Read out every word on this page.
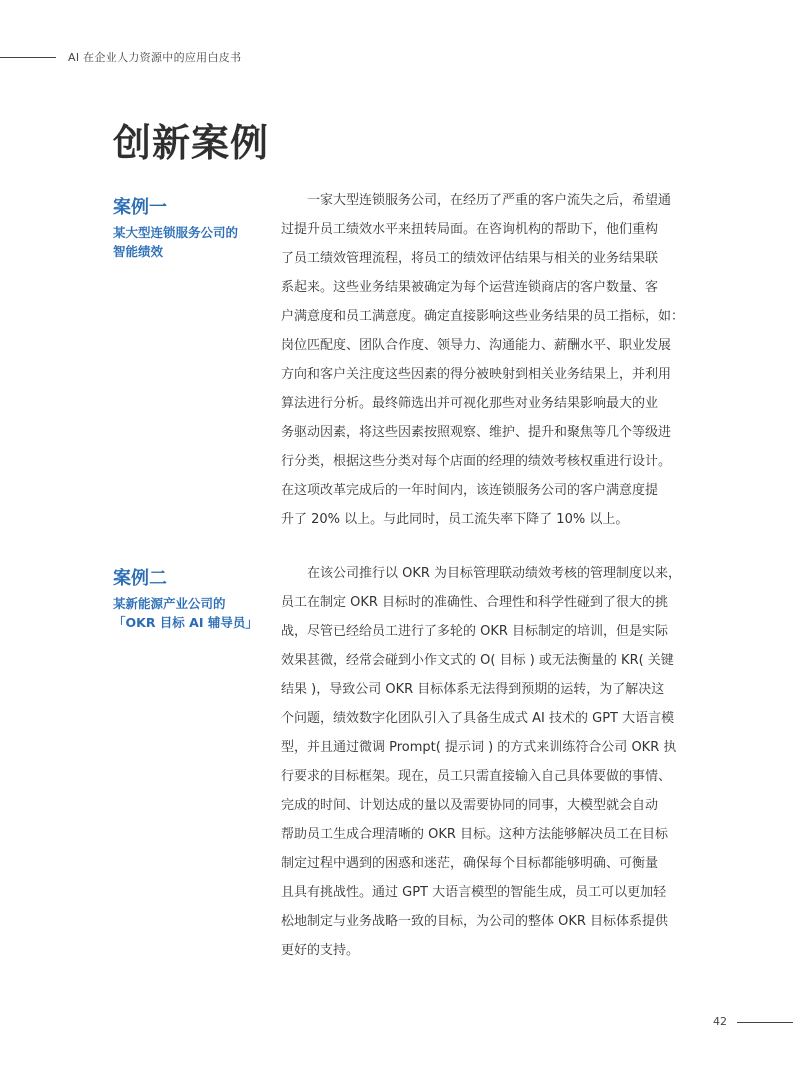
AI 在企业人力资源中的应用白皮书
创新案例
案例一
某大型连锁服务公司的
智能绩效
　　一家大型连锁服务公司，在经历了严重的客户流失之后，希望通
过提升员工绩效水平来扭转局面。在咨询机构的帮助下，他们重构
了员工绩效管理流程，将员工的绩效评估结果与相关的业务结果联
系起来。这些业务结果被确定为每个运营连锁商店的客户数量、客
户满意度和员工满意度。确定直接影响这些业务结果的员工指标，如：
岗位匹配度、团队合作度、领导力、沟通能力、薪酬水平、职业发展
方向和客户关注度这些因素的得分被映射到相关业务结果上，并利用
算法进行分析。最终筛选出并可视化那些对业务结果影响最大的业
务驱动因素，将这些因素按照观察、维护、提升和聚焦等几个等级进
行分类，根据这些分类对每个店面的经理的绩效考核权重进行设计。
在这项改革完成后的一年时间内，该连锁服务公司的客户满意度提
升了 20% 以上。与此同时，员工流失率下降了 10% 以上。
案例二
某新能源产业公司的
「OKR 目标 AI 辅导员」
　　在该公司推行以 OKR 为目标管理联动绩效考核的管理制度以来，
员工在制定 OKR 目标时的准确性、合理性和科学性碰到了很大的挑
战，尽管已经给员工进行了多轮的 OKR 目标制定的培训，但是实际
效果甚微，经常会碰到小作文式的 O( 目标 ) 或无法衡量的 KR( 关键
结果 )，导致公司 OKR 目标体系无法得到预期的运转，为了解决这
个问题，绩效数字化团队引入了具备生成式 AI 技术的 GPT 大语言模
型，并且通过微调 Prompt( 提示词 ) 的方式来训练符合公司 OKR 执
行要求的目标框架。现在，员工只需直接输入自己具体要做的事情、
完成的时间、计划达成的量以及需要协同的同事，大模型就会自动
帮助员工生成合理清晰的 OKR 目标。这种方法能够解决员工在目标
制定过程中遇到的困惑和迷茫，确保每个目标都能够明确、可衡量
且具有挑战性。通过 GPT 大语言模型的智能生成，员工可以更加轻
松地制定与业务战略一致的目标，为公司的整体 OKR 目标体系提供
更好的支持。
42
